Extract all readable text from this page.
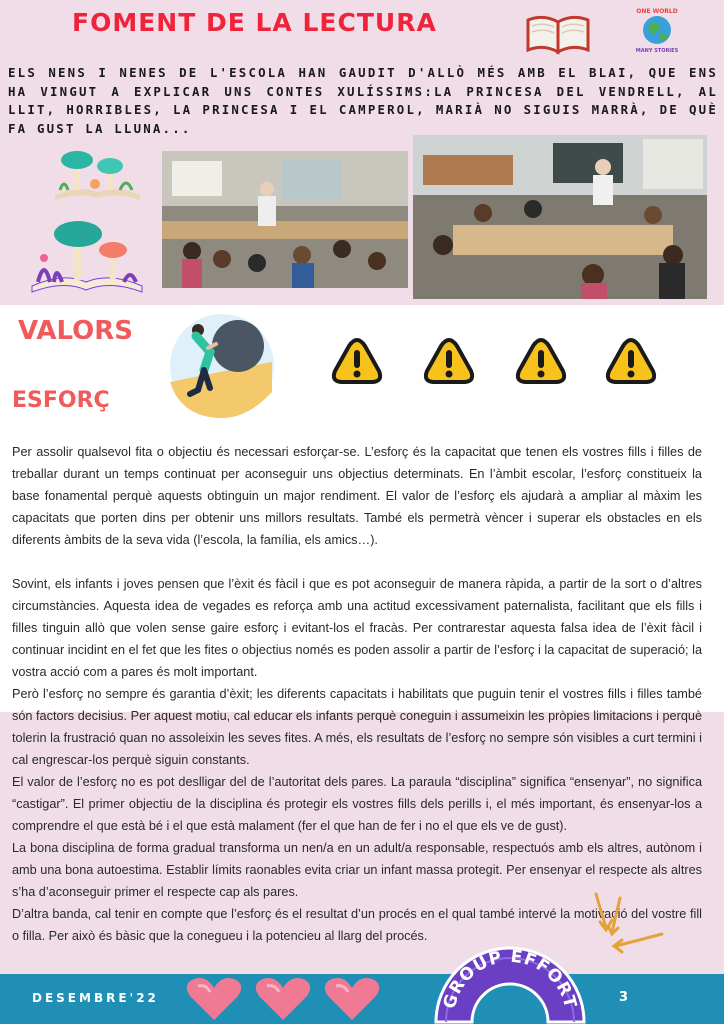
FOMENT DE LA LECTURA	ONE WORLD
MANY STORIES
ELS NENS I NENES DE L'ESCOLA HAN GAUDIT D'ALLÒ MÉS AMB EL BLAI, QUE ENS HA VINGUT A EXPLICAR UNS CONTES XULÍSSIMS:LA PRINCESA DEL VENDRELL, AL LLIT, HORRIBLES, LA PRINCESA I EL CAMPEROL, MARIÀ NO SIGUIS MARRÀ, DE QUÈ FA GUST LA LLUNA...
VALORS
ESFORÇ

Per assolir qualsevol fita o objectiu és necessari esforçar-se. L’esforç és la capacitat que tenen els vostres fills i filles de treballar durant un temps continuat per aconseguir uns objectius determinats. En l’àmbit escolar, l’esforç constitueix la base fonamental perquè aquests obtinguin un major rendiment. El valor de l’esforç els ajudarà a ampliar al màxim les capacitats que porten dins per obtenir uns millors resultats. També els permetrà vèncer i superar els obstacles en els diferents àmbits de la seva vida (l’escola, la família, els amics…).

Sovint, els infants i joves pensen que l’èxit és fàcil i que es pot aconseguir de manera ràpida, a partir de la sort o d’altres circumstàncies. Aquesta idea de vegades es reforça amb una actitud excessivament paternalista, facilitant que els fills i filles tinguin allò que volen sense gaire esforç i evitant-los el fracàs. Per contrarestar aquesta falsa idea de l’èxit fàcil i continuar incidint en el fet que les fites o objectius només es poden assolir a partir de l’esforç i la capacitat de superació; la vostra acció com a pares és molt important.

Però l’esforç no sempre és garantia d’èxit; les diferents capacitats i habilitats que puguin tenir el vostres fills i filles també són factors decisius. Per aquest motiu, cal educar els infants perquè coneguin i assumeixin les pròpies limitacions i perquè tolerin la frustració quan no assoleixin les seves fites. A més, els resultats de l’esforç no sempre són visibles a curt termini i cal engrescar-los perquè siguin constants.

El valor de l’esforç no es pot deslligar del de l’autoritat dels pares. La paraula “disciplina” significa “ensenyar”, no significa “castigar”. El primer objectiu de la disciplina és protegir els vostres fills dels perills i, el més important, és ensenyar-los a comprendre el que està bé i el que està malament (fer el que han de fer i no el que els ve de gust).

La bona disciplina de forma gradual transforma un nen/a en un adult/a responsable, respectuós amb els altres, autònom i amb una bona autoestima. Establir límits raonables evita criar un infant massa protegit. Per ensenyar el respecte als altres s’ha d’aconseguir primer el respecte cap als pares.

D’altra banda, cal tenir en compte que l’esforç és el resultat d’un procés en el qual també intervé la motivació del vostre fill o filla. Per això és bàsic que la conegueu i la potencieu al llarg del procés.

DESEMBRE'22	GROUP EFFORT	3
